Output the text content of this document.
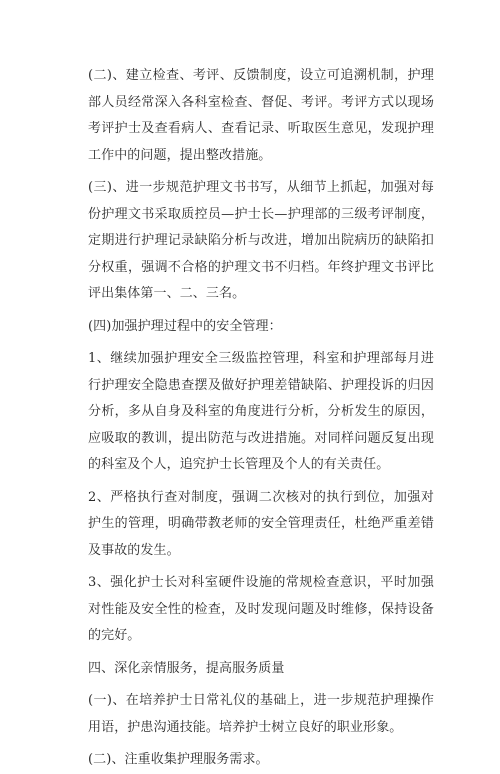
(二)、建立检查、考评、反馈制度，设立可追溯机制，护理部人员经常深入各科室检查、督促、考评。考评方式以现场考评护士及查看病人、查看记录、听取医生意见，发现护理工作中的问题，提出整改措施。

(三)、进一步规范护理文书书写，从细节上抓起，加强对每份护理文书采取质控员—护士长—护理部的三级考评制度，定期进行护理记录缺陷分析与改进，增加出院病历的缺陷扣分权重，强调不合格的护理文书不归档。年终护理文书评比评出集体第一、二、三名。

(四)加强护理过程中的安全管理：

1、继续加强护理安全三级监控管理，科室和护理部每月进行护理安全隐患查摆及做好护理差错缺陷、护理投诉的归因分析，多从自身及科室的角度进行分析，分析发生的原因，应吸取的教训，提出防范与改进措施。对同样问题反复出现的科室及个人，追究护士长管理及个人的有关责任。

2、严格执行查对制度，强调二次核对的执行到位，加强对护生的管理，明确带教老师的安全管理责任，杜绝严重差错及事故的发生。

3、强化护士长对科室硬件设施的常规检查意识，平时加强对性能及安全性的检查，及时发现问题及时维修，保持设备的完好。

四、深化亲情服务，提高服务质量

(一)、在培养护士日常礼仪的基础上，进一步规范护理操作用语，护患沟通技能。培养护士树立良好的职业形象。

(二)、注重收集护理服务需求。
